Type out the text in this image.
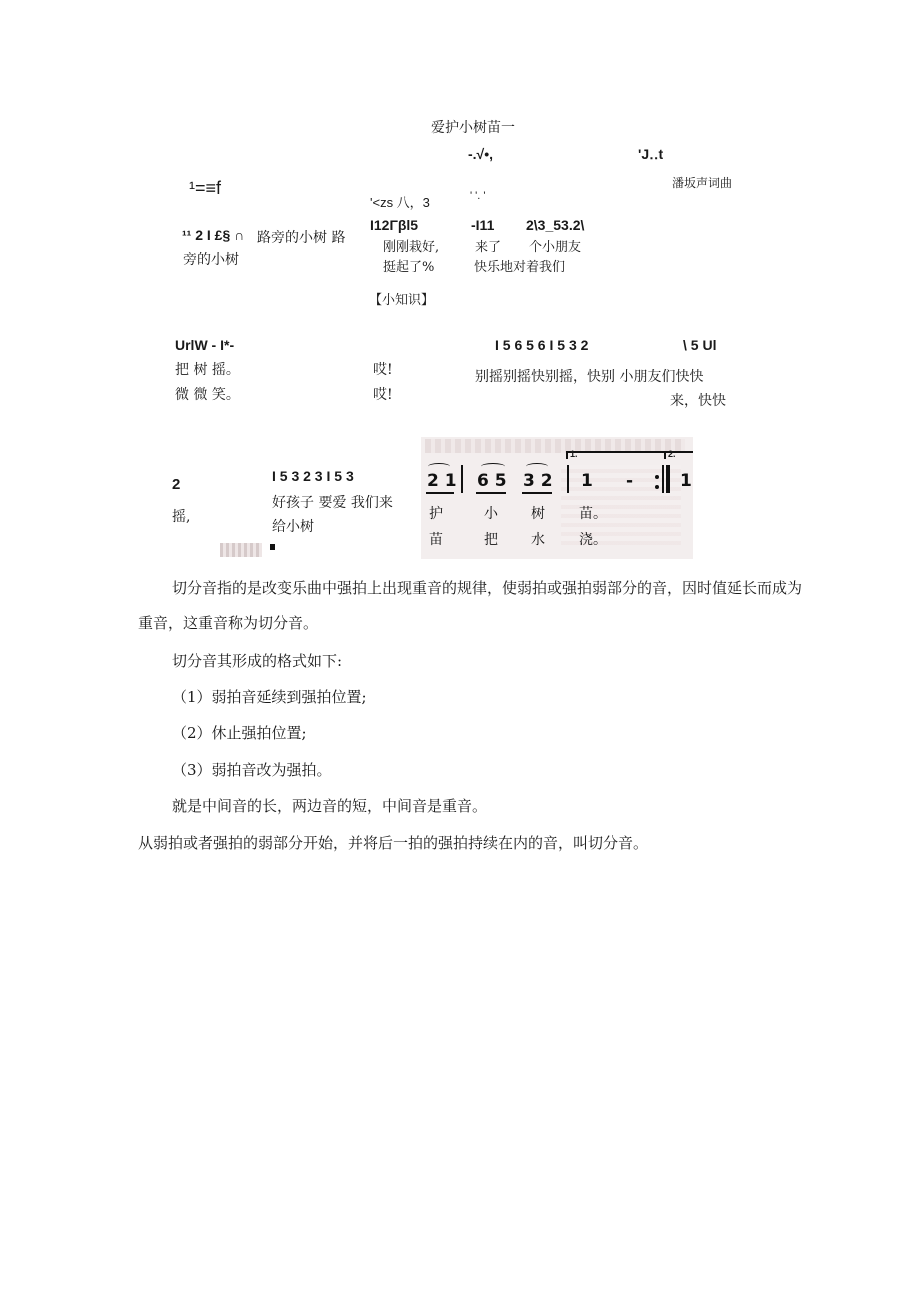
爱护小树苗一
-.√•,	'J‥t
潘坂声词曲
¹=≡f
'<zs 八，3	' '. '
¹¹ 2 I £§ ∩ 路旁的小树 路
旁的小树
I12Γβl5
刚刚栽好,
挺起了%
-I11
来了
2\3_53.2\
个小朋友
快乐地对着我们
【小知识】
UrlW - I*-
把 树 摇。
微 微 笑。
哎!
哎!
I 5 6 5 6 I 5 3 2	\ 5 Ul
别摇别摇快别摇，快别 小朋友们快快
来，快快
2
摇,
I 5 3 2 3 I 5 3
好孩子 要爱 我们来
给小树
1.	2.
2 1 6 5 3 2 1 -	1
护	小 树 苗。
苗	把 水 浇。
切分音指的是改变乐曲中强拍上出现重音的规律，使弱拍或强拍弱部分的音，因时值延长而成为
重音，这重音称为切分音。
切分音其形成的格式如下:
（1）弱拍音延续到强拍位置;
（2）休止强拍位置;
（3）弱拍音改为强拍。
就是中间音的长，两边音的短，中间音是重音。
从弱拍或者强拍的弱部分开始，并将后一拍的强拍持续在内的音，叫切分音。
